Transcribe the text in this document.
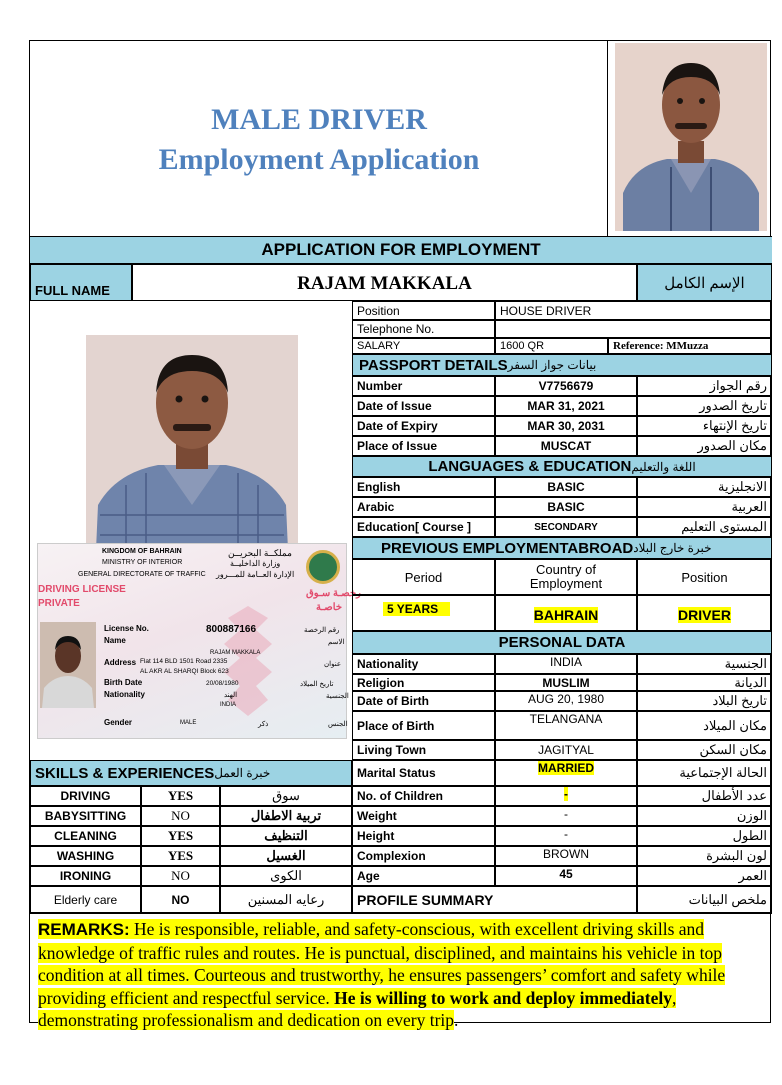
MALE DRIVER
Employment Application
APPLICATION FOR EMPLOYMENT
FULL NAME	RAJAM MAKKALA	الإسم الكامل
KINGDOM OF BAHRAIN
MINISTRY OF INTERIOR
GENERAL DIRECTORATE OF TRAFFIC
مملكــة البحريــن
وزارة الداخليــة
الإدارة العــامة للمـــرور
DRIVING LICENSE
PRIVATE
رخصـة سـوق
خاصـة
License No.	800887166	رقم الرخصة
Name	الاسم
RAJAM MAKKALA
Address Flat 114 BLD 1501 Road 2335
AL AKR AL SHARQI Block 623
عنوان
Birth Date	20/08/1980	تاريخ الميلاد
Nationality	الهند
INDIA
الجنسية
Gender	MALE	ذكر	الجنس
Position	HOUSE DRIVER
Telephone No.
SALARY	1600 QR	Reference: MMuzza
PASSPORT DETAILS بيانات جواز السفر
Number	V7756679	رقم الجواز
Date of Issue	MAR 31, 2021	تاريخ الصدور
Date of Expiry	MAR 30, 2031	تاريخ الإنتهاء
Place of Issue	MUSCAT	مكان الصدور
LANGUAGES & EDUCATION اللغة والتعليم
English	BASIC	الانجليزية
Arabic	BASIC	العربية
Education[ Course ]	SECONDARY	المستوى التعليم
PREVIOUS EMPLOYMENTABROAD خبرة خارج البلاد
Period	Country of Employment	Position
5 YEARS	BAHRAIN	DRIVER
PERSONAL DATA
Nationality	INDIA	الجنسية
Religion	MUSLIM	الديانة
Date of Birth	AUG 20, 1980	تاريخ البلاد
Place of Birth	TELANGANA	مكان الميلاد
Living Town	JAGITYAL	مكان السكن
Marital Status	MARRIED	الحالة الإجتماعية
No. of Children	-	عدد الأطفال
Weight	-	الوزن
Height	-	الطول
Complexion	BROWN	لون البشرة
Age	45	العمر
PROFILE SUMMARY	ملخص البيانات
SKILLS & EXPERIENCES خبرة العمل
DRIVING	YES	سوق
BABYSITTING	NO	تربية الاطفال
CLEANING	YES	التنظيف
WASHING	YES	الغسيل
IRONING	NO	الكوى
Elderly care	NO	رعايه المسنين
REMARKS: He is responsible, reliable, and safety-conscious, with excellent driving skills and knowledge of traffic rules and routes. He is punctual, disciplined, and maintains his vehicle in top condition at all times. Courteous and trustworthy, he ensures passengers’ comfort and safety while providing efficient and respectful service. He is willing to work and deploy immediately, demonstrating professionalism and dedication on every trip.
